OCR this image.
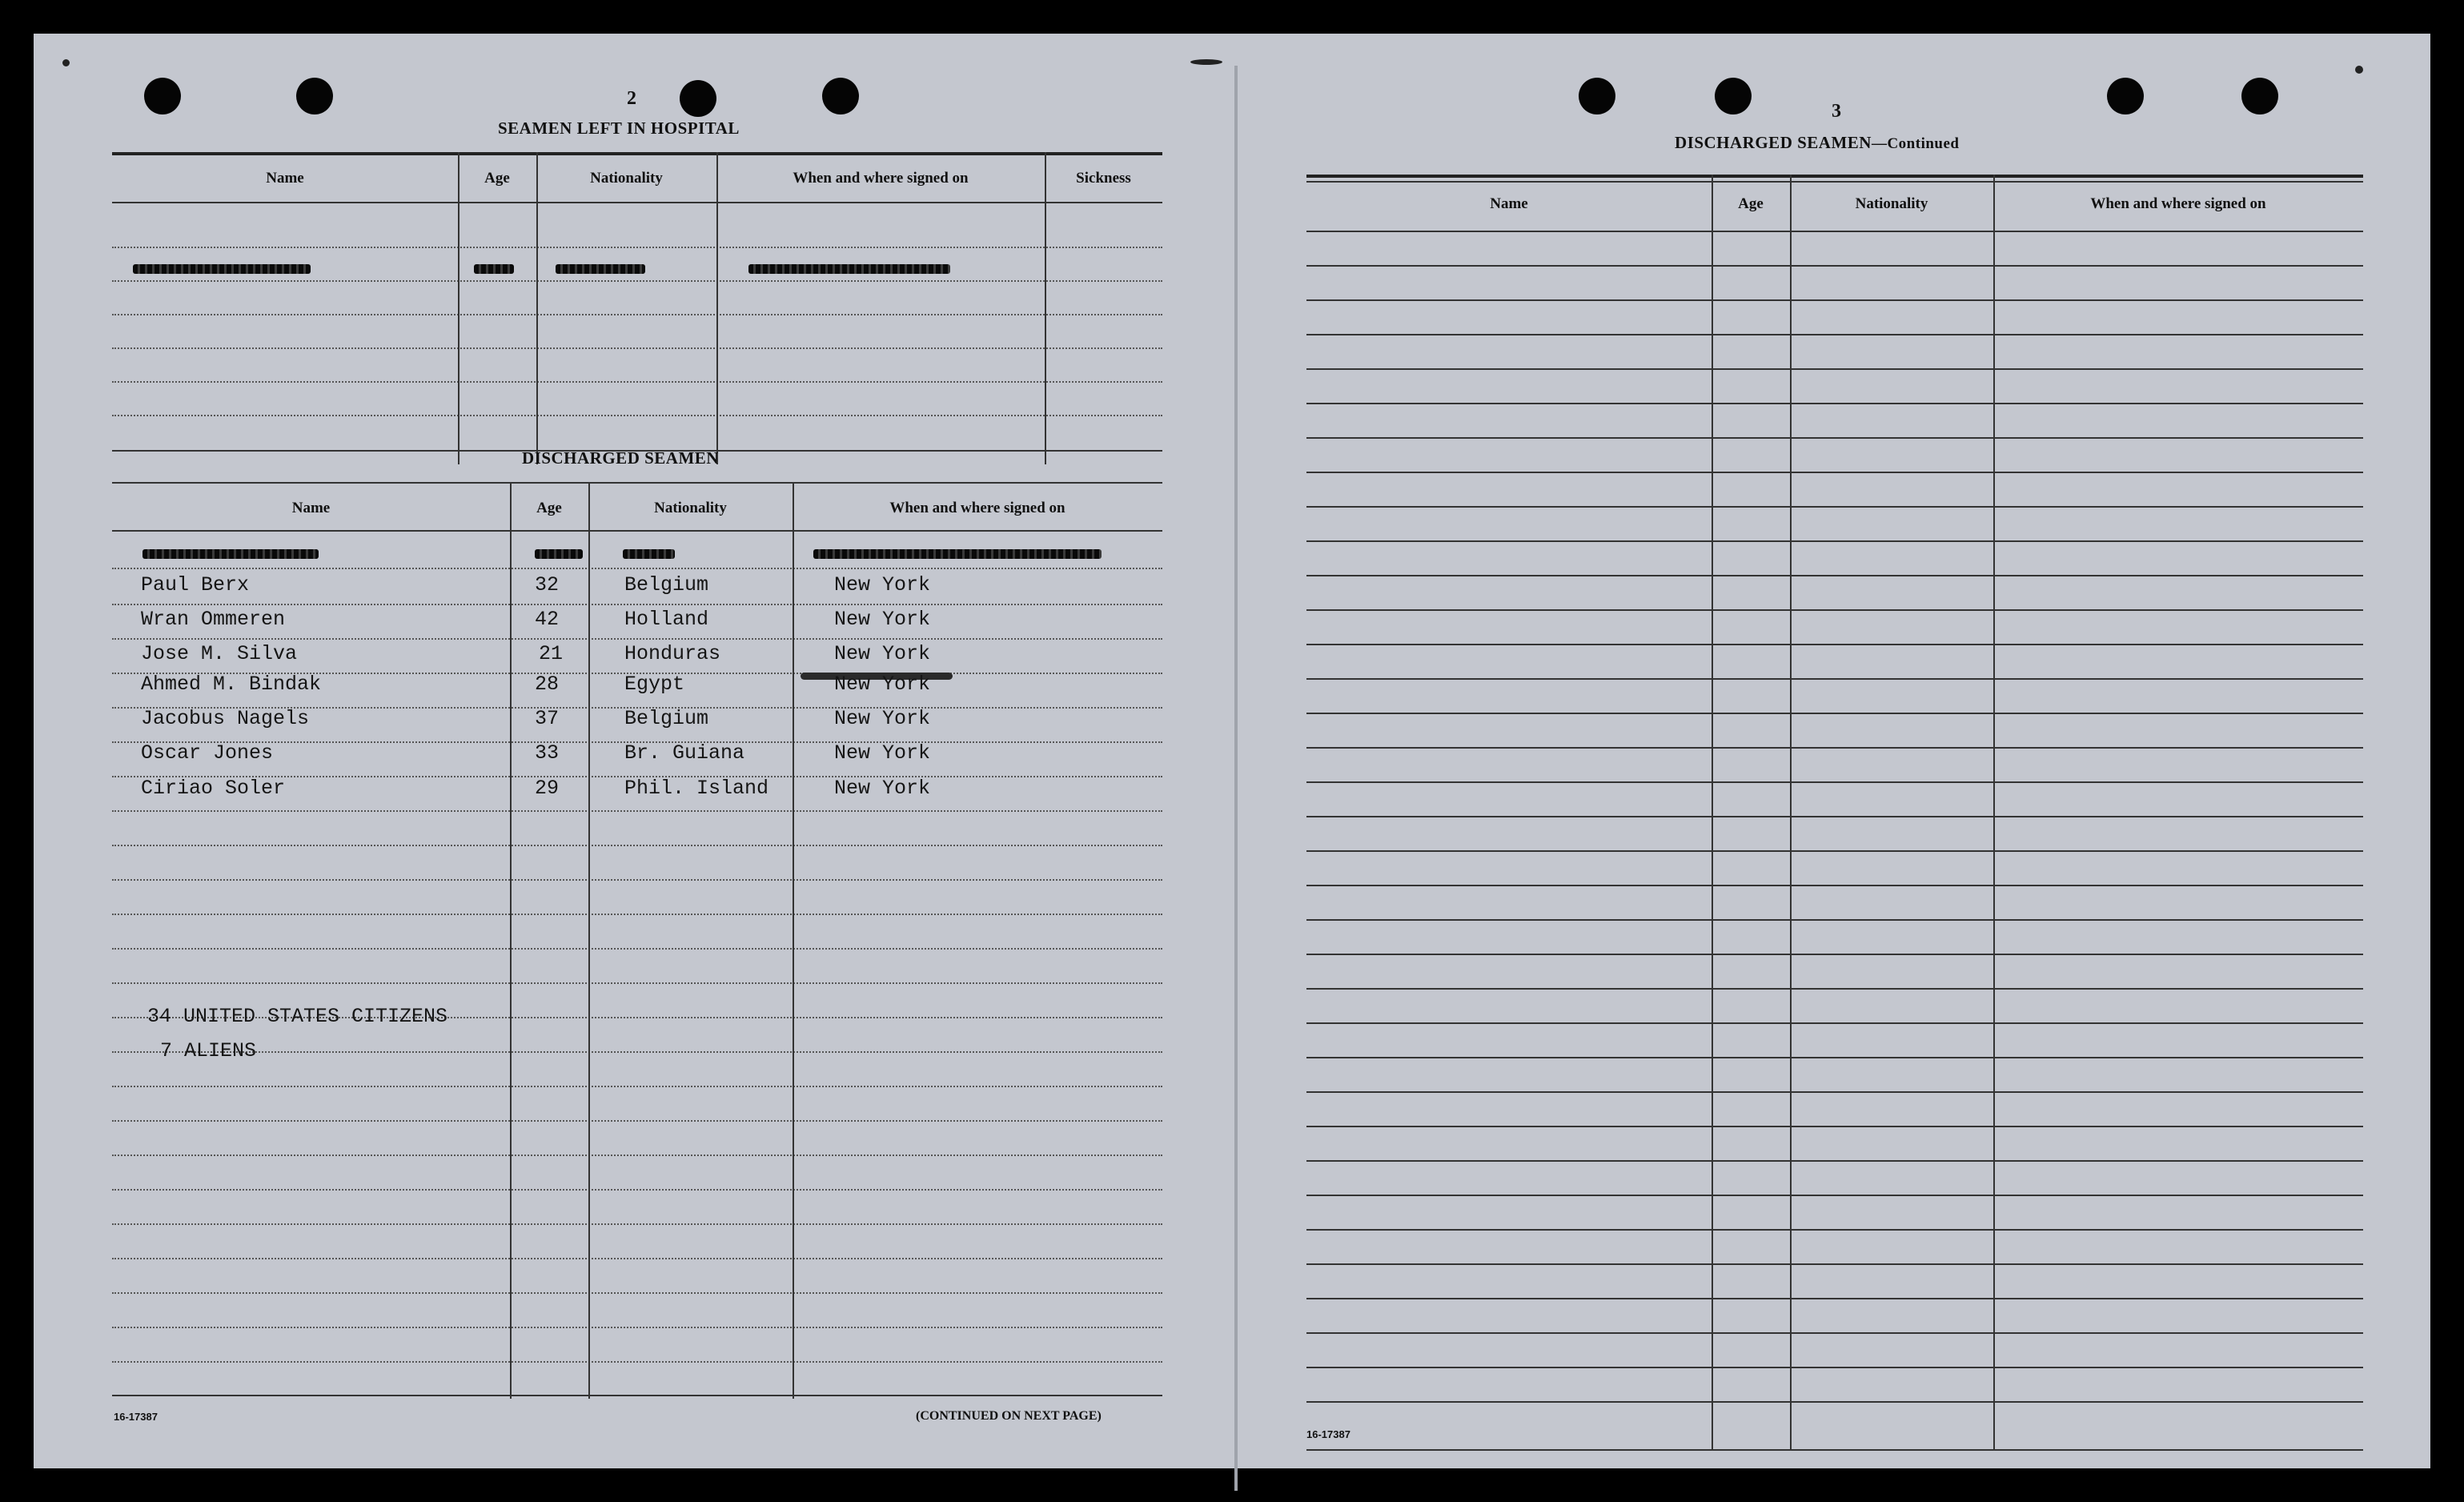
2
SEAMEN LEFT IN HOSPITAL
Name	Age	Nationality	When and where signed on	Sickness
DISCHARGED SEAMEN
Name	Age	Nationality	When and where signed on
Paul Berx	32	Belgium	New York
Wran Ommeren	42	Holland	New York
Jose M. Silva	21	Honduras	New York
Ahmed M. Bindak	28	Egypt	New York
Jacobus Nagels	37	Belgium	New York
Oscar Jones	33	Br. Guiana	New York
Ciriao Soler	29	Phil. Island	New York
34 UNITED STATES CITIZENS
7 ALIENS
16-17387	(CONTINUED ON NEXT PAGE)
3
DISCHARGED SEAMEN—Continued
Name	Age	Nationality	When and where signed on
16-17387
